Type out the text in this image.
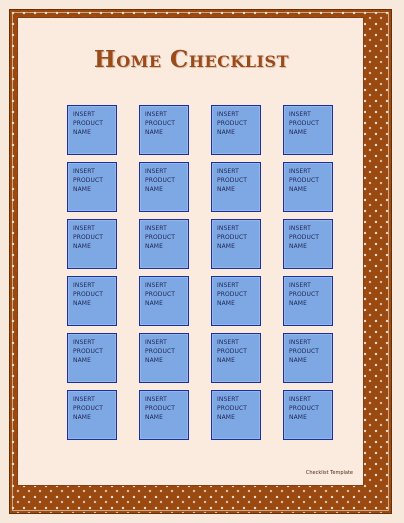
Home Checklist
INSERT
PRODUCT
NAME
INSERT
PRODUCT
NAME
INSERT
PRODUCT
NAME
INSERT
PRODUCT
NAME
INSERT
PRODUCT
NAME
INSERT
PRODUCT
NAME
INSERT
PRODUCT
NAME
INSERT
PRODUCT
NAME
INSERT
PRODUCT
NAME
INSERT
PRODUCT
NAME
INSERT
PRODUCT
NAME
INSERT
PRODUCT
NAME
INSERT
PRODUCT
NAME
INSERT
PRODUCT
NAME
INSERT
PRODUCT
NAME
INSERT
PRODUCT
NAME
INSERT
PRODUCT
NAME
INSERT
PRODUCT
NAME
INSERT
PRODUCT
NAME
INSERT
PRODUCT
NAME
INSERT
PRODUCT
NAME
INSERT
PRODUCT
NAME
INSERT
PRODUCT
NAME
INSERT
PRODUCT
NAME
Checklist Template
